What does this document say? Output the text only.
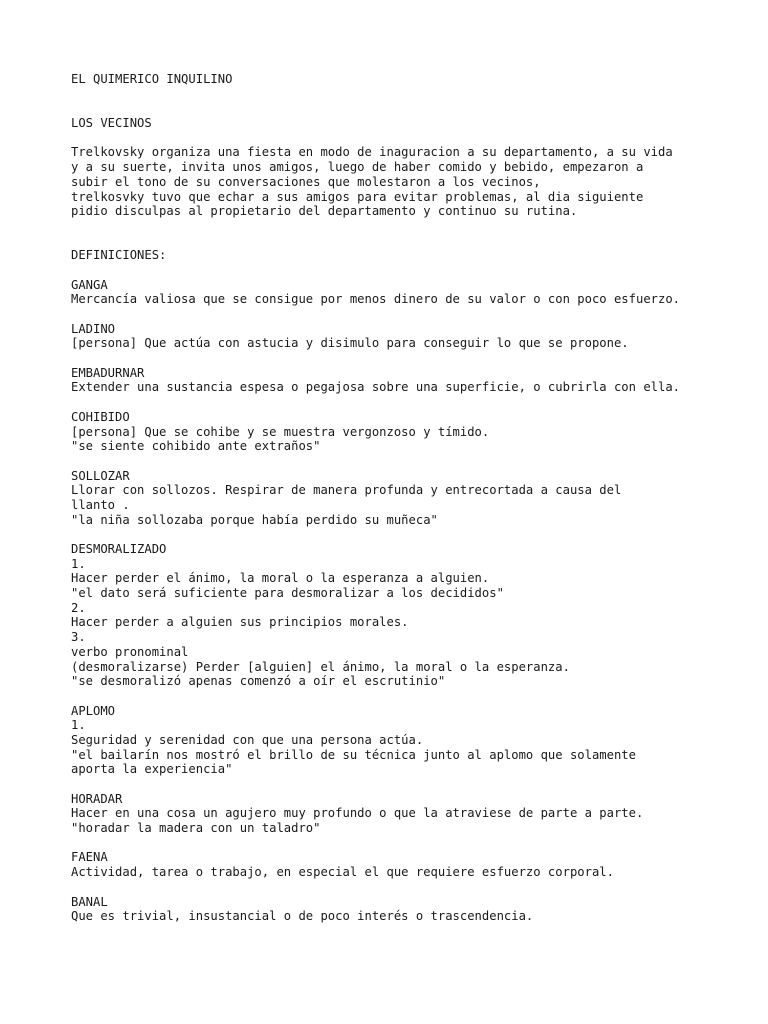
EL QUIMERICO INQUILINO
LOS VECINOS
Trelkovsky organiza una fiesta en modo de inaguracion a su departamento, a su vida
y a su suerte, invita unos amigos, luego de haber comido y bebido, empezaron a
subir el tono de su conversaciones que molestaron a los vecinos,
trelkosvky tuvo que echar a sus amigos para evitar problemas, al dia siguiente
pidio disculpas al propietario del departamento y continuo su rutina.
DEFINICIONES:
GANGA
Mercancía valiosa que se consigue por menos dinero de su valor o con poco esfuerzo.
LADINO
[persona] Que actúa con astucia y disimulo para conseguir lo que se propone.
EMBADURNAR
Extender una sustancia espesa o pegajosa sobre una superficie, o cubrirla con ella.
COHIBIDO
[persona] Que se cohibe y se muestra vergonzoso y tímido.
"se siente cohibido ante extraños"
SOLLOZAR
Llorar con sollozos. Respirar de manera profunda y entrecortada a causa del
llanto .
"la niña sollozaba porque había perdido su muñeca"
DESMORALIZADO
1.
Hacer perder el ánimo, la moral o la esperanza a alguien.
"el dato será suficiente para desmoralizar a los decididos"
2.
Hacer perder a alguien sus principios morales.
3.
verbo pronominal
(desmoralizarse) Perder [alguien] el ánimo, la moral o la esperanza.
"se desmoralizó apenas comenzó a oír el escrutinio"
APLOMO
1.
Seguridad y serenidad con que una persona actúa.
"el bailarín nos mostró el brillo de su técnica junto al aplomo que solamente
aporta la experiencia"
HORADAR
Hacer en una cosa un agujero muy profundo o que la atraviese de parte a parte.
"horadar la madera con un taladro"
FAENA
Actividad, tarea o trabajo, en especial el que requiere esfuerzo corporal.
BANAL
Que es trivial, insustancial o de poco interés o trascendencia.
